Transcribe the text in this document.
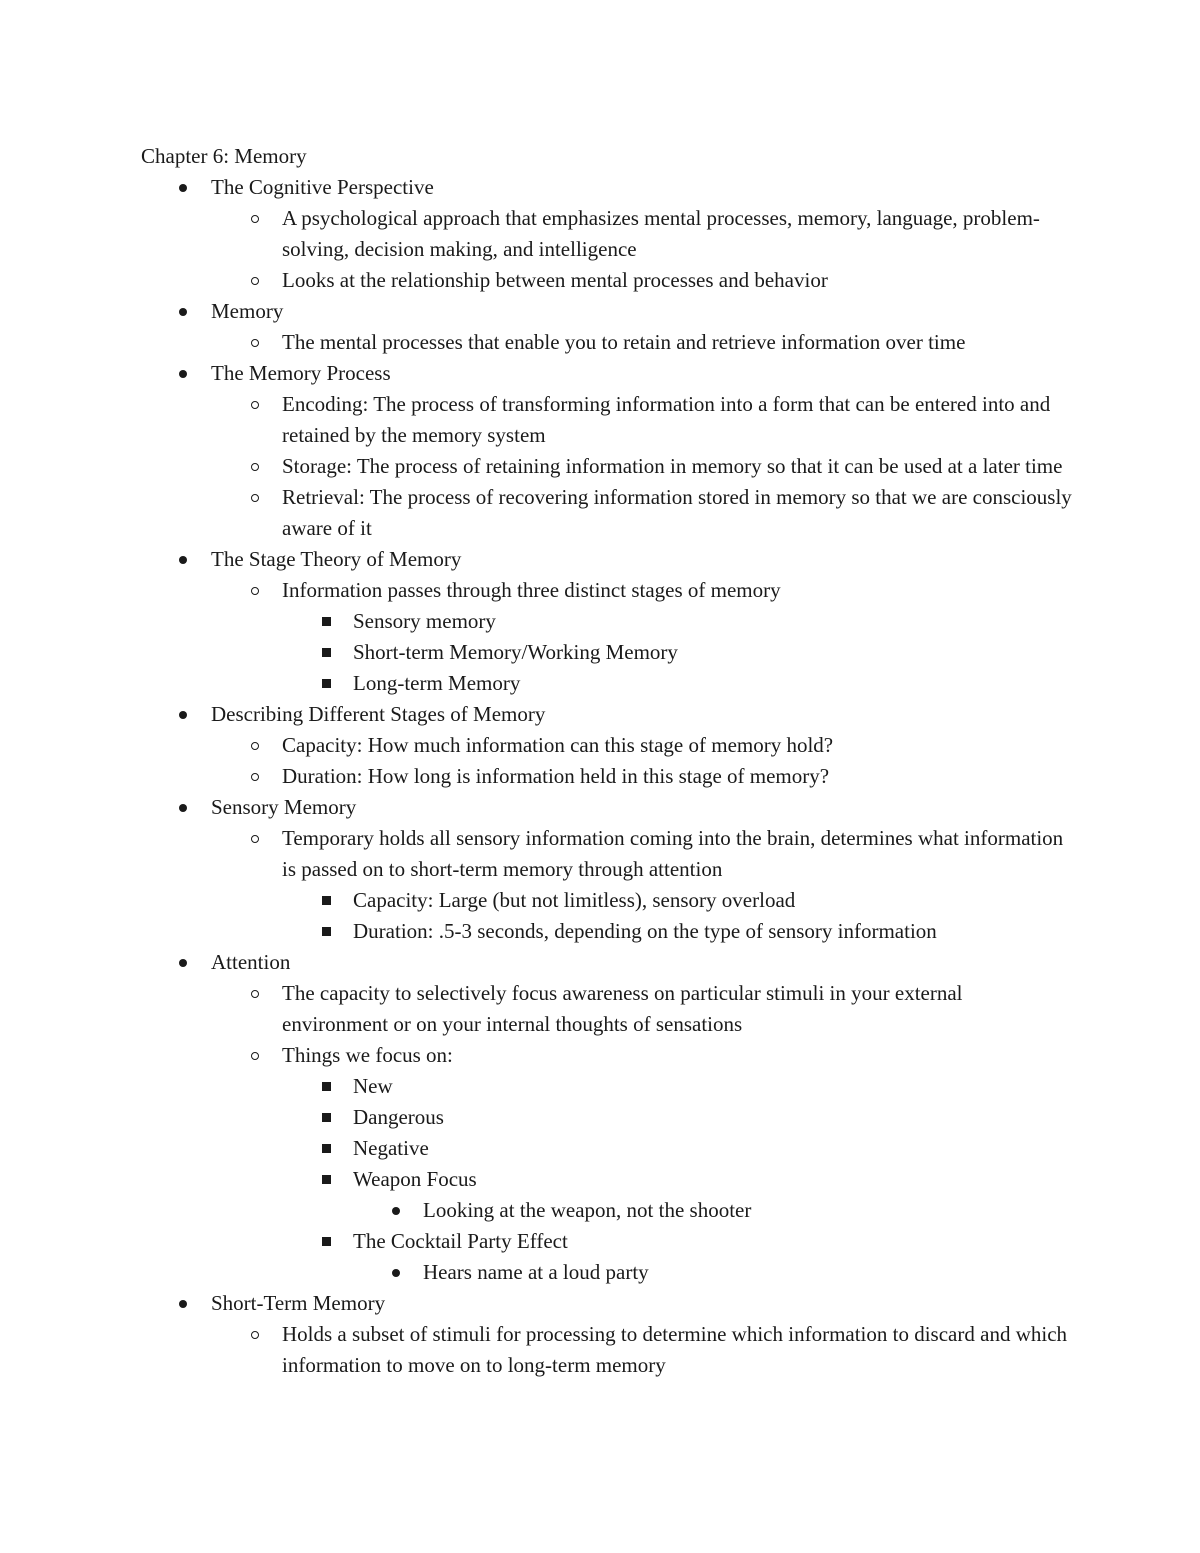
Chapter 6: Memory
The Cognitive Perspective
A psychological approach that emphasizes mental processes, memory, language, problem-solving, decision making, and intelligence
Looks at the relationship between mental processes and behavior
Memory
The mental processes that enable you to retain and retrieve information over time
The Memory Process
Encoding: The process of transforming information into a form that can be entered into and retained by the memory system
Storage: The process of retaining information in memory so that it can be used at a later time
Retrieval: The process of recovering information stored in memory so that we are consciously aware of it
The Stage Theory of Memory
Information passes through three distinct stages of memory
Sensory memory
Short-term Memory/Working Memory
Long-term Memory
Describing Different Stages of Memory
Capacity: How much information can this stage of memory hold?
Duration: How long is information held in this stage of memory?
Sensory Memory
Temporary holds all sensory information coming into the brain, determines what information is passed on to short-term memory through attention
Capacity: Large (but not limitless), sensory overload
Duration: .5-3 seconds, depending on the type of sensory information
Attention
The capacity to selectively focus awareness on particular stimuli in your external environment or on your internal thoughts of sensations
Things we focus on:
New
Dangerous
Negative
Weapon Focus
Looking at the weapon, not the shooter
The Cocktail Party Effect
Hears name at a loud party
Short-Term Memory
Holds a subset of stimuli for processing to determine which information to discard and which information to move on to long-term memory
